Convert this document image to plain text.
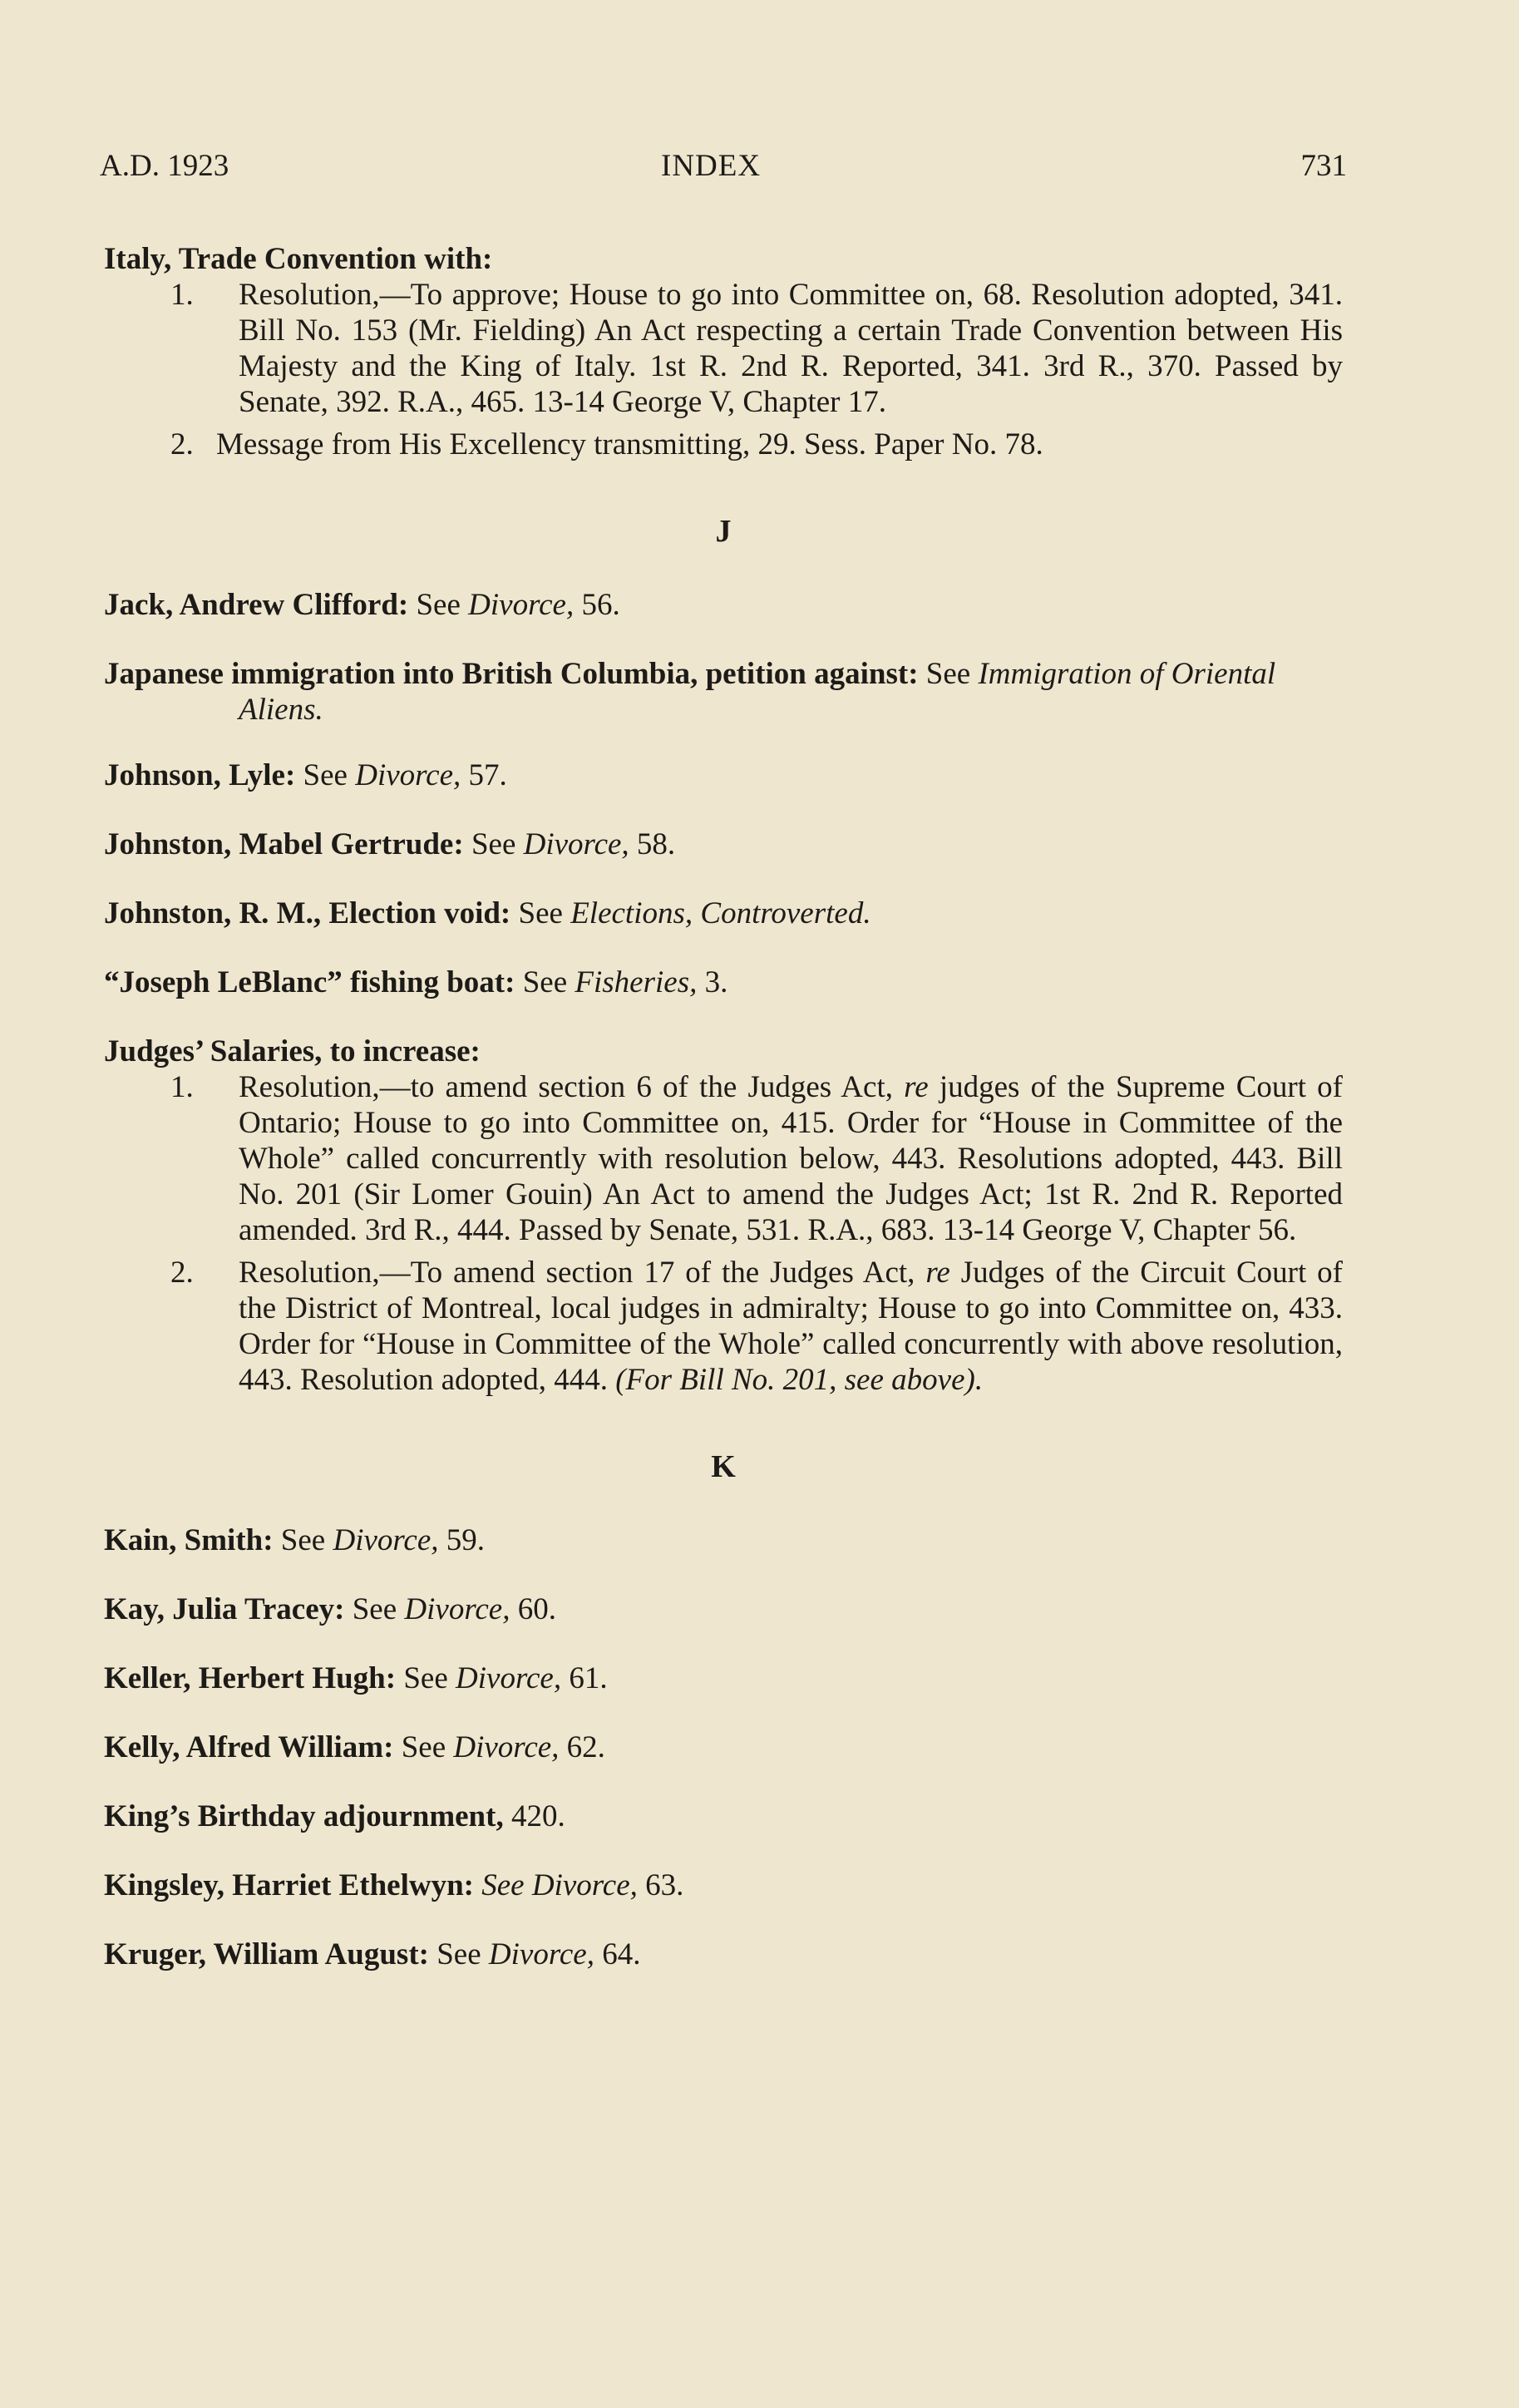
A.D. 1923	INDEX	731
Italy, Trade Convention with:
1. Resolution,—To approve; House to go into Committee on, 68. Resolution adopted, 341. Bill No. 153 (Mr. Fielding) An Act respecting a certain Trade Convention between His Majesty and the King of Italy. 1st R. 2nd R. Reported, 341. 3rd R., 370. Passed by Senate, 392. R.A., 465. 13-14 George V, Chapter 17.
2. Message from His Excellency transmitting, 29. Sess. Paper No. 78.
J
Jack, Andrew Clifford: See Divorce, 56.
Japanese immigration into British Columbia, petition against: See Immigration of Oriental Aliens.
Johnson, Lyle: See Divorce, 57.
Johnston, Mabel Gertrude: See Divorce, 58.
Johnston, R. M., Election void: See Elections, Controverted.
“Joseph LeBlanc” fishing boat: See Fisheries, 3.
Judges’ Salaries, to increase:
1. Resolution,—to amend section 6 of the Judges Act, re judges of the Supreme Court of Ontario; House to go into Committee on, 415. Order for “House in Committee of the Whole” called concurrently with resolution below, 443. Resolutions adopted, 443. Bill No. 201 (Sir Lomer Gouin) An Act to amend the Judges Act; 1st R. 2nd R. Reported amended. 3rd R., 444. Passed by Senate, 531. R.A., 683. 13-14 George V, Chapter 56.
2. Resolution,—To amend section 17 of the Judges Act, re Judges of the Circuit Court of the District of Montreal, local judges in admiralty; House to go into Committee on, 433. Order for “House in Committee of the Whole” called concurrently with above resolution, 443. Resolution adopted, 444. (For Bill No. 201, see above).
K
Kain, Smith: See Divorce, 59.
Kay, Julia Tracey: See Divorce, 60.
Keller, Herbert Hugh: See Divorce, 61.
Kelly, Alfred William: See Divorce, 62.
King’s Birthday adjournment, 420.
Kingsley, Harriet Ethelwyn: See Divorce, 63.
Kruger, William August: See Divorce, 64.
